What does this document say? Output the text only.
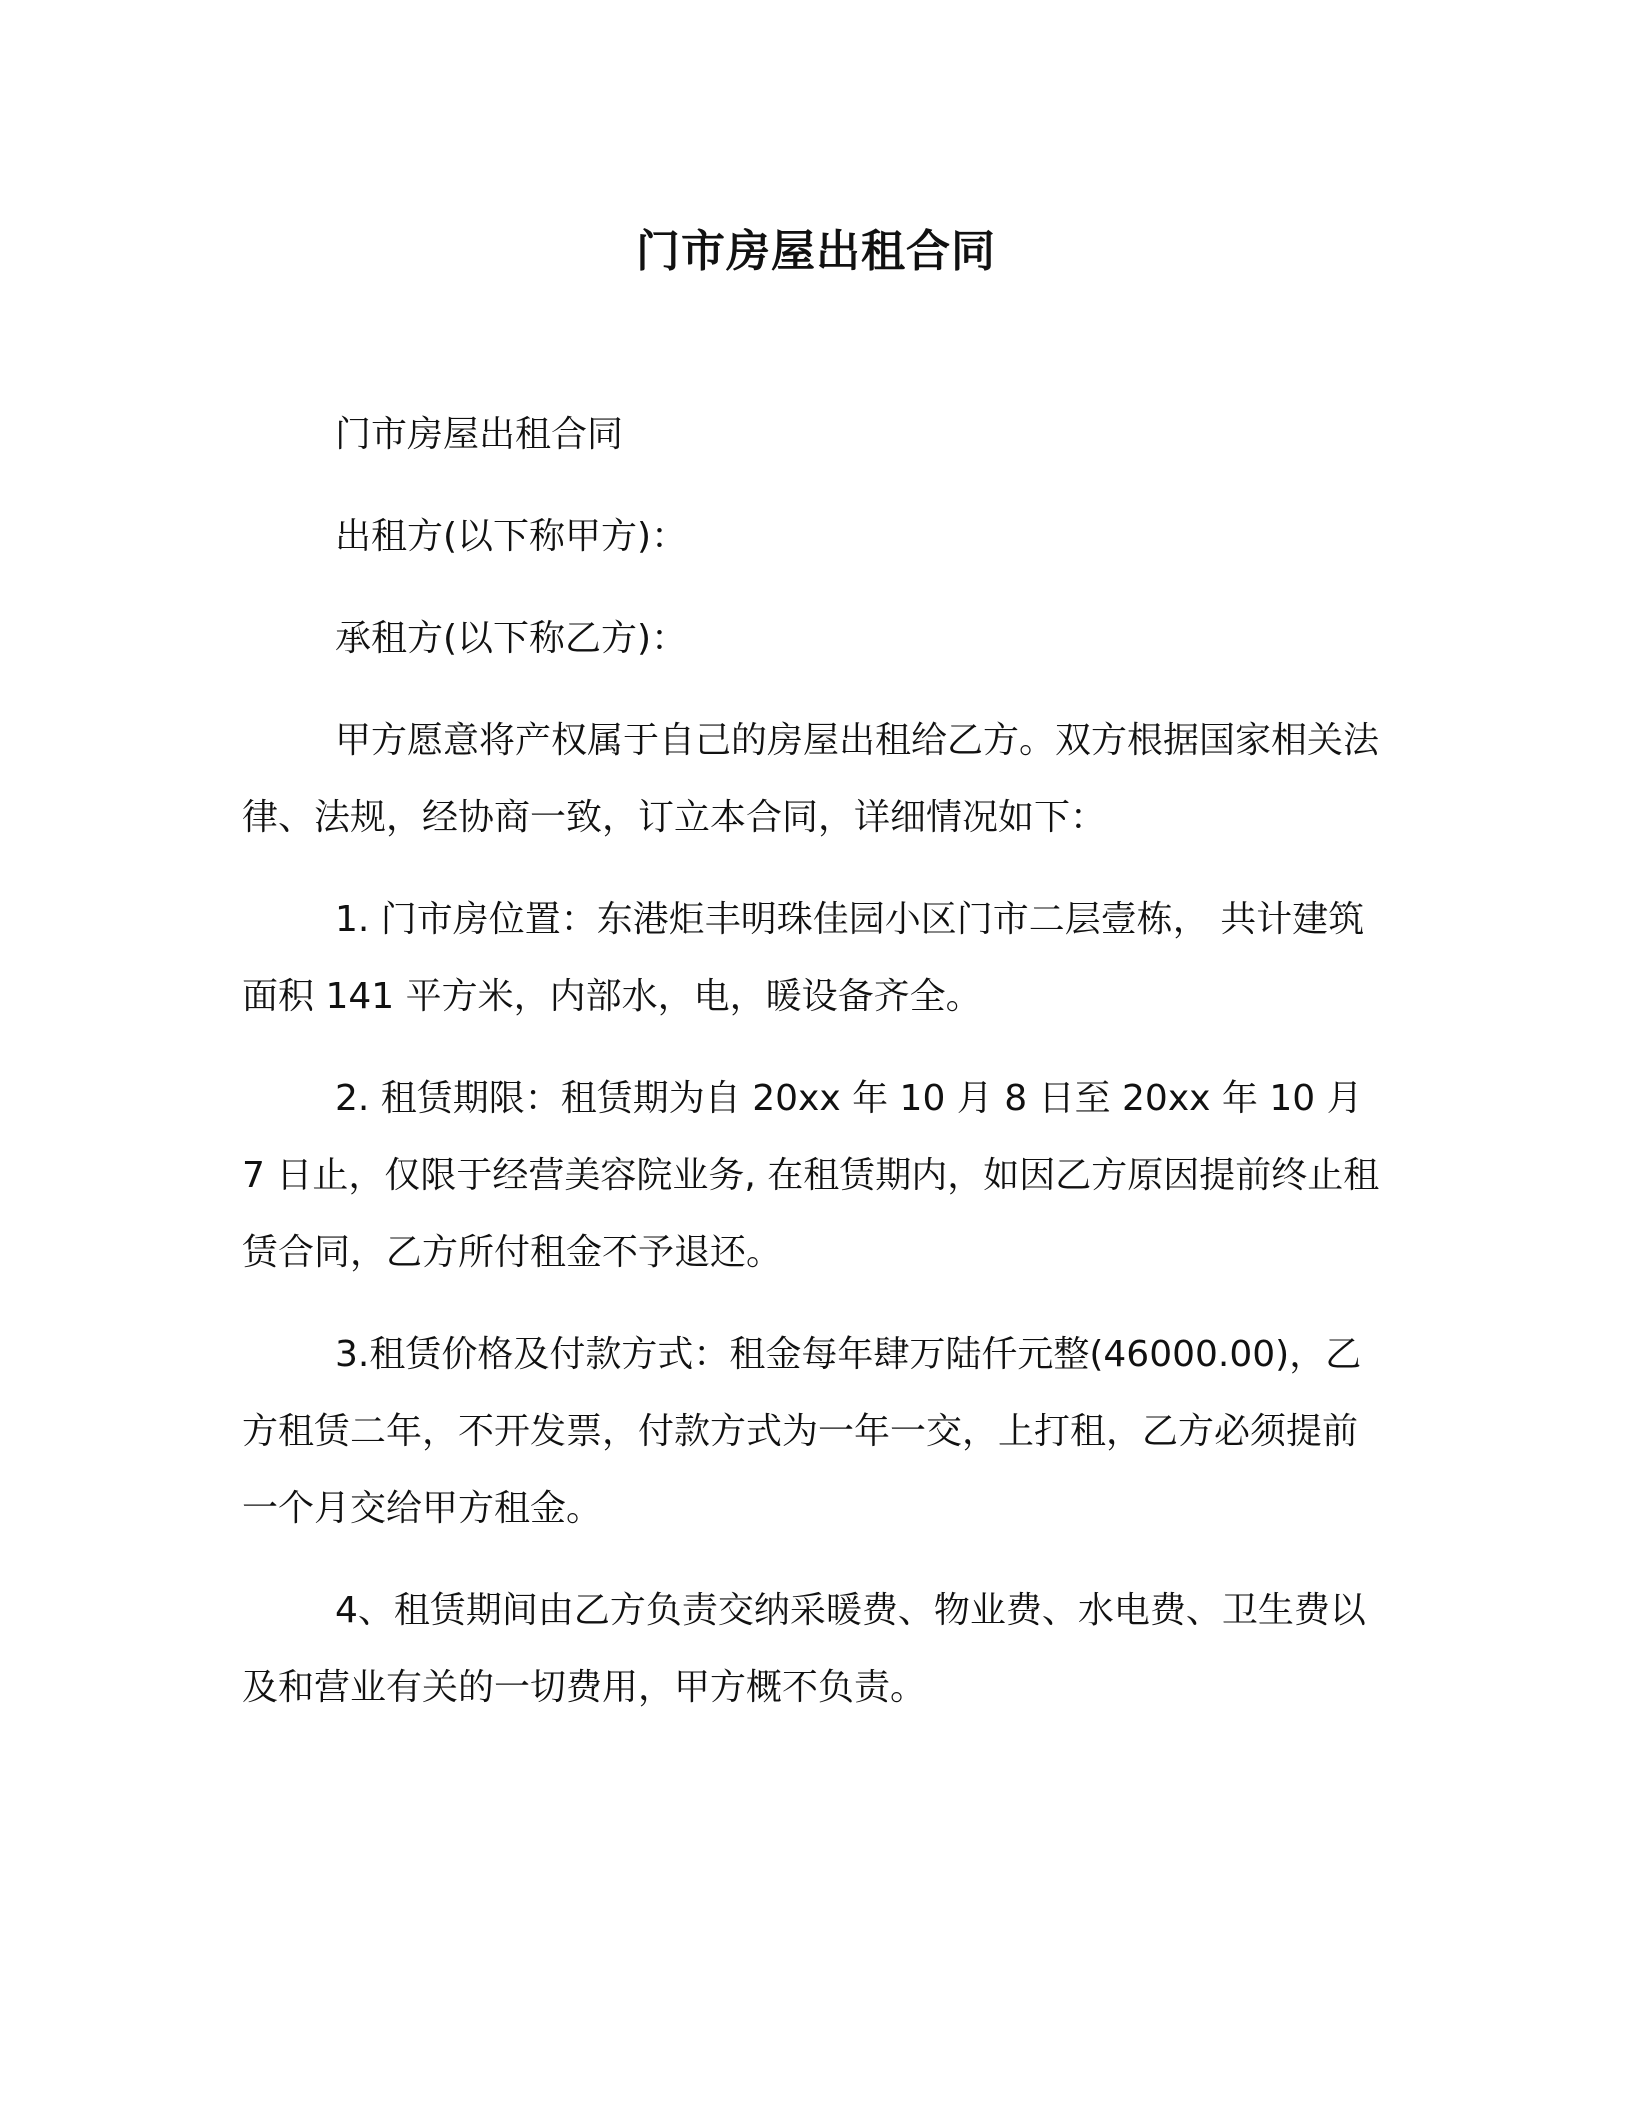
门市房屋出租合同

门市房屋出租合同

出租方(以下称甲方)：

承租方(以下称乙方)：

甲方愿意将产权属于自己的房屋出租给乙方。双方根据国家相关法律、法规，经协商一致，订立本合同，详细情况如下：

1. 门市房位置：东港炬丰明珠佳园小区门市二层壹栋， 共计建筑面积 141 平方米，内部水，电，暖设备齐全。

2. 租赁期限：租赁期为自 20xx 年 10 月 8 日至 20xx 年 10 月 7 日止，仅限于经营美容院业务, 在租赁期内，如因乙方原因提前终止租赁合同，乙方所付租金不予退还。

3.租赁价格及付款方式：租金每年肆万陆仟元整(46000.00)，乙方租赁二年，不开发票，付款方式为一年一交，上打租，乙方必须提前一个月交给甲方租金。

4、租赁期间由乙方负责交纳采暖费、物业费、水电费、卫生费以及和营业有关的一切费用，甲方概不负责。
